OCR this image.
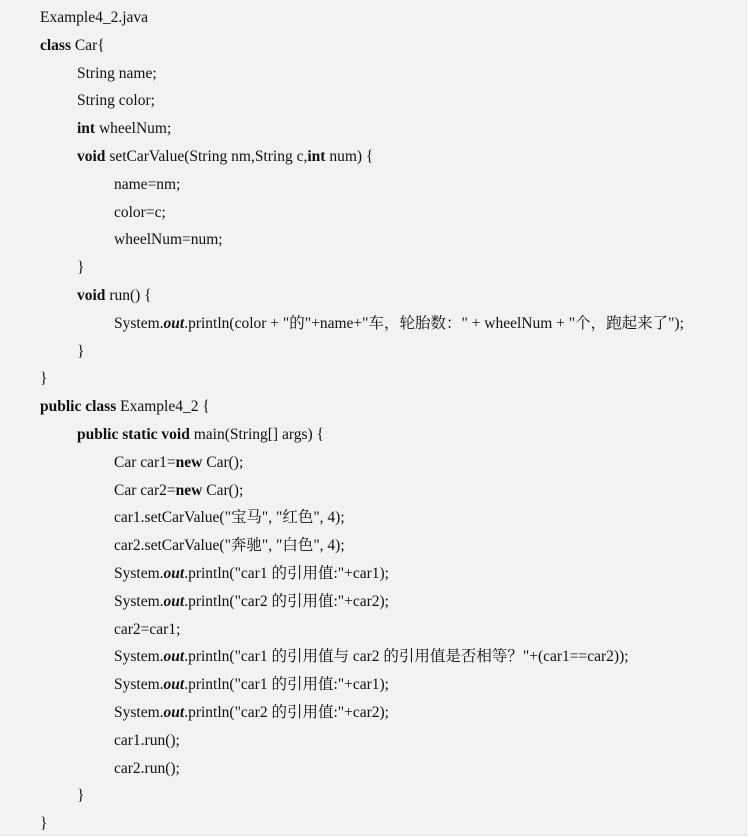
Example4_2.java
class Car{
String name;
String color;
int wheelNum;
void setCarValue(String nm,String c,int num) {
name=nm;
color=c;
wheelNum=num;
}
void run() {
System.out.println(color + "的"+name+"车，轮胎数：" + wheelNum + "个，跑起来了");
}
}
public class Example4_2 {
public static void main(String[] args) {
Car car1=new Car();
Car car2=new Car();
car1.setCarValue("宝马", "红色", 4);
car2.setCarValue("奔驰", "白色", 4);
System.out.println("car1 的引用值:"+car1);
System.out.println("car2 的引用值:"+car2);
car2=car1;
System.out.println("car1 的引用值与 car2 的引用值是否相等？"+(car1==car2));
System.out.println("car1 的引用值:"+car1);
System.out.println("car2 的引用值:"+car2);
car1.run();
car2.run();
}
}
